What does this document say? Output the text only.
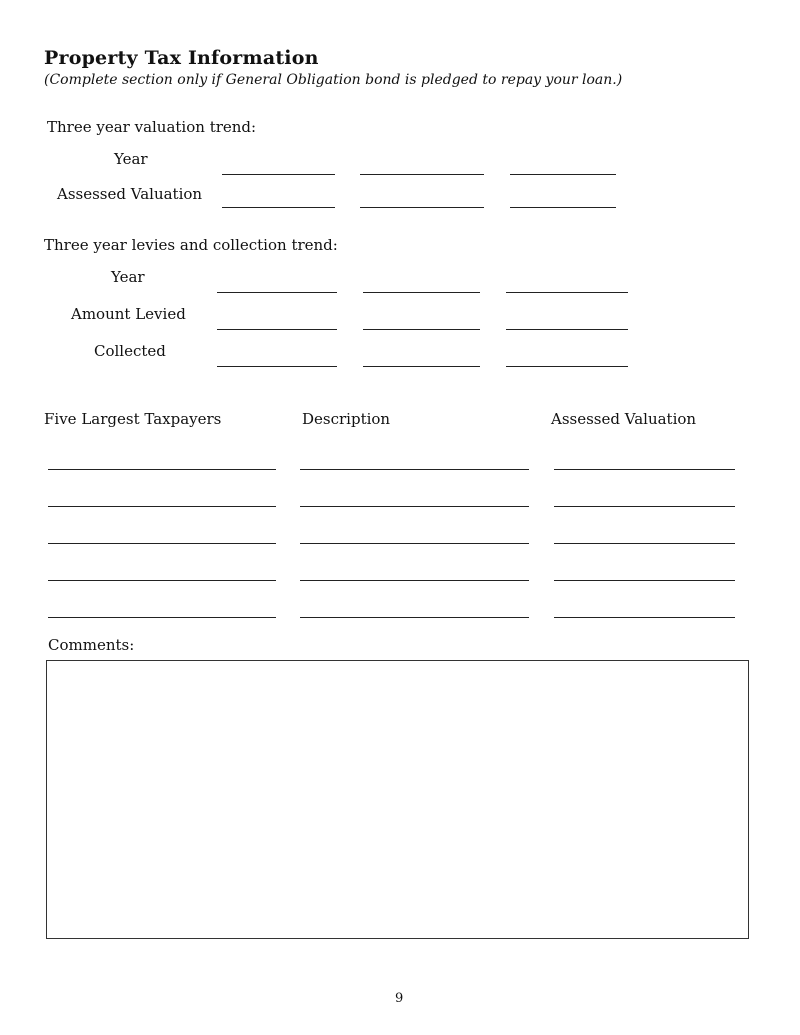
Property Tax Information
(Complete section only if General Obligation bond is pledged to repay your loan.)
Three year valuation trend:
Year
Assessed Valuation
Three year levies and collection trend:
Year
Amount Levied
Collected
Five Largest Taxpayers	Description	Assessed Valuation
Comments:
9
